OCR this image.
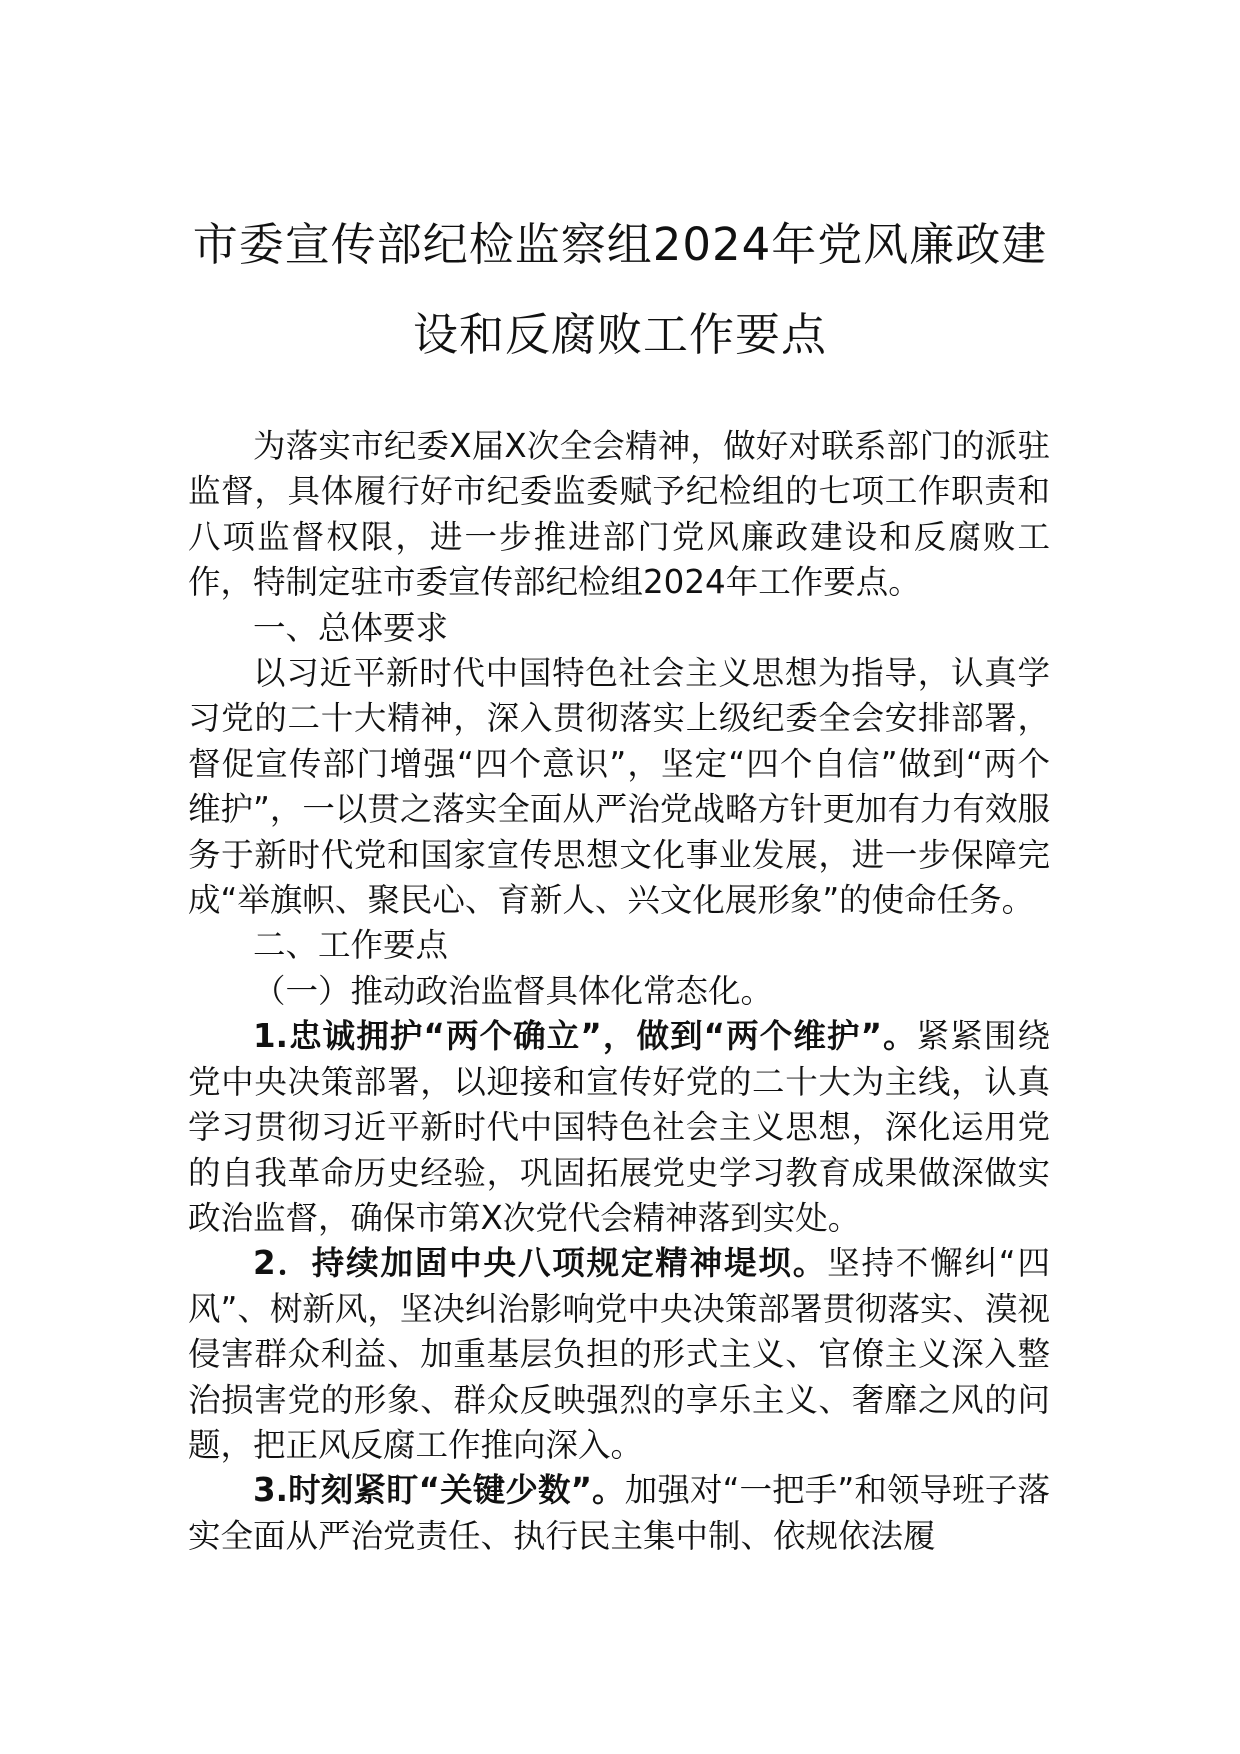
市委宣传部纪检监察组2024年党风廉政建
设和反腐败工作要点

为落实市纪委X届X次全会精神，做好对联系部门的派驻监督，具体履行好市纪委监委赋予纪检组的七项工作职责和八项监督权限，进一步推进部门党风廉政建设和反腐败工作，特制定驻市委宣传部纪检组2024年工作要点。

一、总体要求

以习近平新时代中国特色社会主义思想为指导，认真学习党的二十大精神，深入贯彻落实上级纪委全会安排部署，督促宣传部门增强“四个意识”，坚定“四个自信”做到“两个维护”，一以贯之落实全面从严治党战略方针更加有力有效服务于新时代党和国家宣传思想文化事业发展，进一步保障完成“举旗帜、聚民心、育新人、兴文化展形象”的使命任务。

二、工作要点

（一）推动政治监督具体化常态化。

1.忠诚拥护“两个确立”，做到“两个维护”。紧紧围绕党中央决策部署，以迎接和宣传好党的二十大为主线，认真学习贯彻习近平新时代中国特色社会主义思想，深化运用党的自我革命历史经验，巩固拓展党史学习教育成果做深做实政治监督，确保市第X次党代会精神落到实处。

2．持续加固中央八项规定精神堤坝。坚持不懈纠“四风”、树新风，坚决纠治影响党中央决策部署贯彻落实、漠视侵害群众利益、加重基层负担的形式主义、官僚主义深入整治损害党的形象、群众反映强烈的享乐主义、奢靡之风的问题，把正风反腐工作推向深入。

3.时刻紧盯“关键少数”。加强对“一把手”和领导班子落实全面从严治党责任、执行民主集中制、依规依法履
